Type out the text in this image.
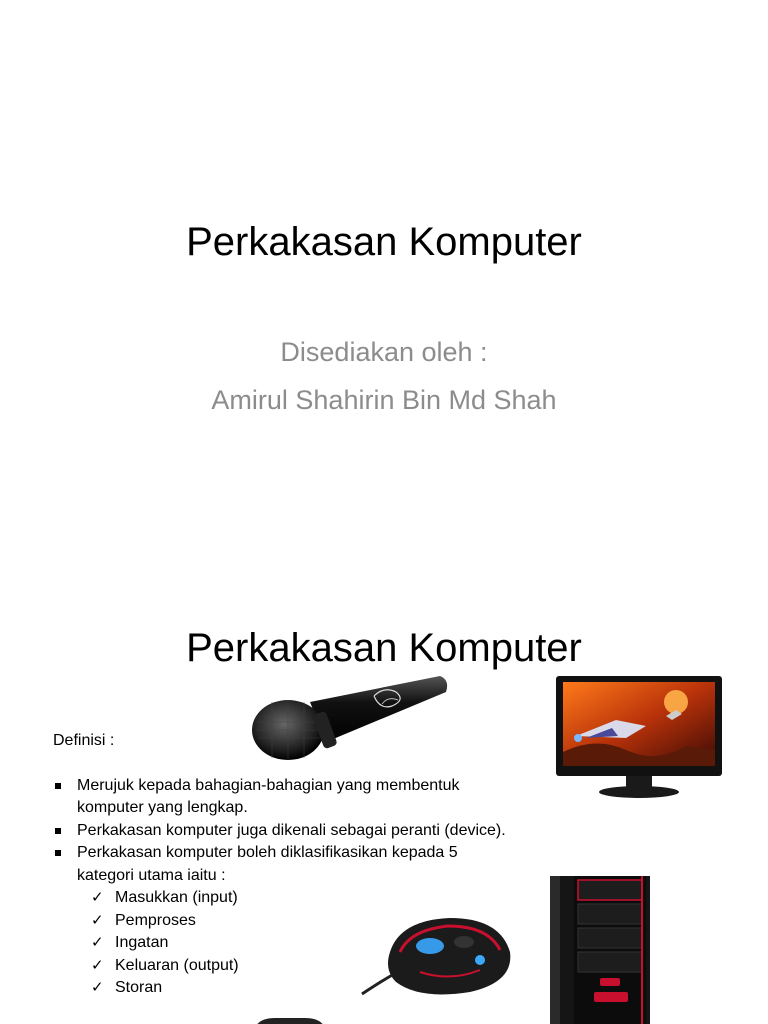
Perkakasan Komputer
Disediakan oleh :
Amirul Shahirin Bin Md Shah
Perkakasan Komputer
Definisi :
Merujuk kepada bahagian-bahagian yang membentuk komputer yang lengkap.
Perkakasan komputer juga dikenali sebagai peranti (device).
Perkakasan komputer boleh diklasifikasikan kepada 5 kategori utama iaitu :
✓ Masukkan (input)
✓ Pemproses
✓ Ingatan
✓ Keluaran (output)
✓ Storan
